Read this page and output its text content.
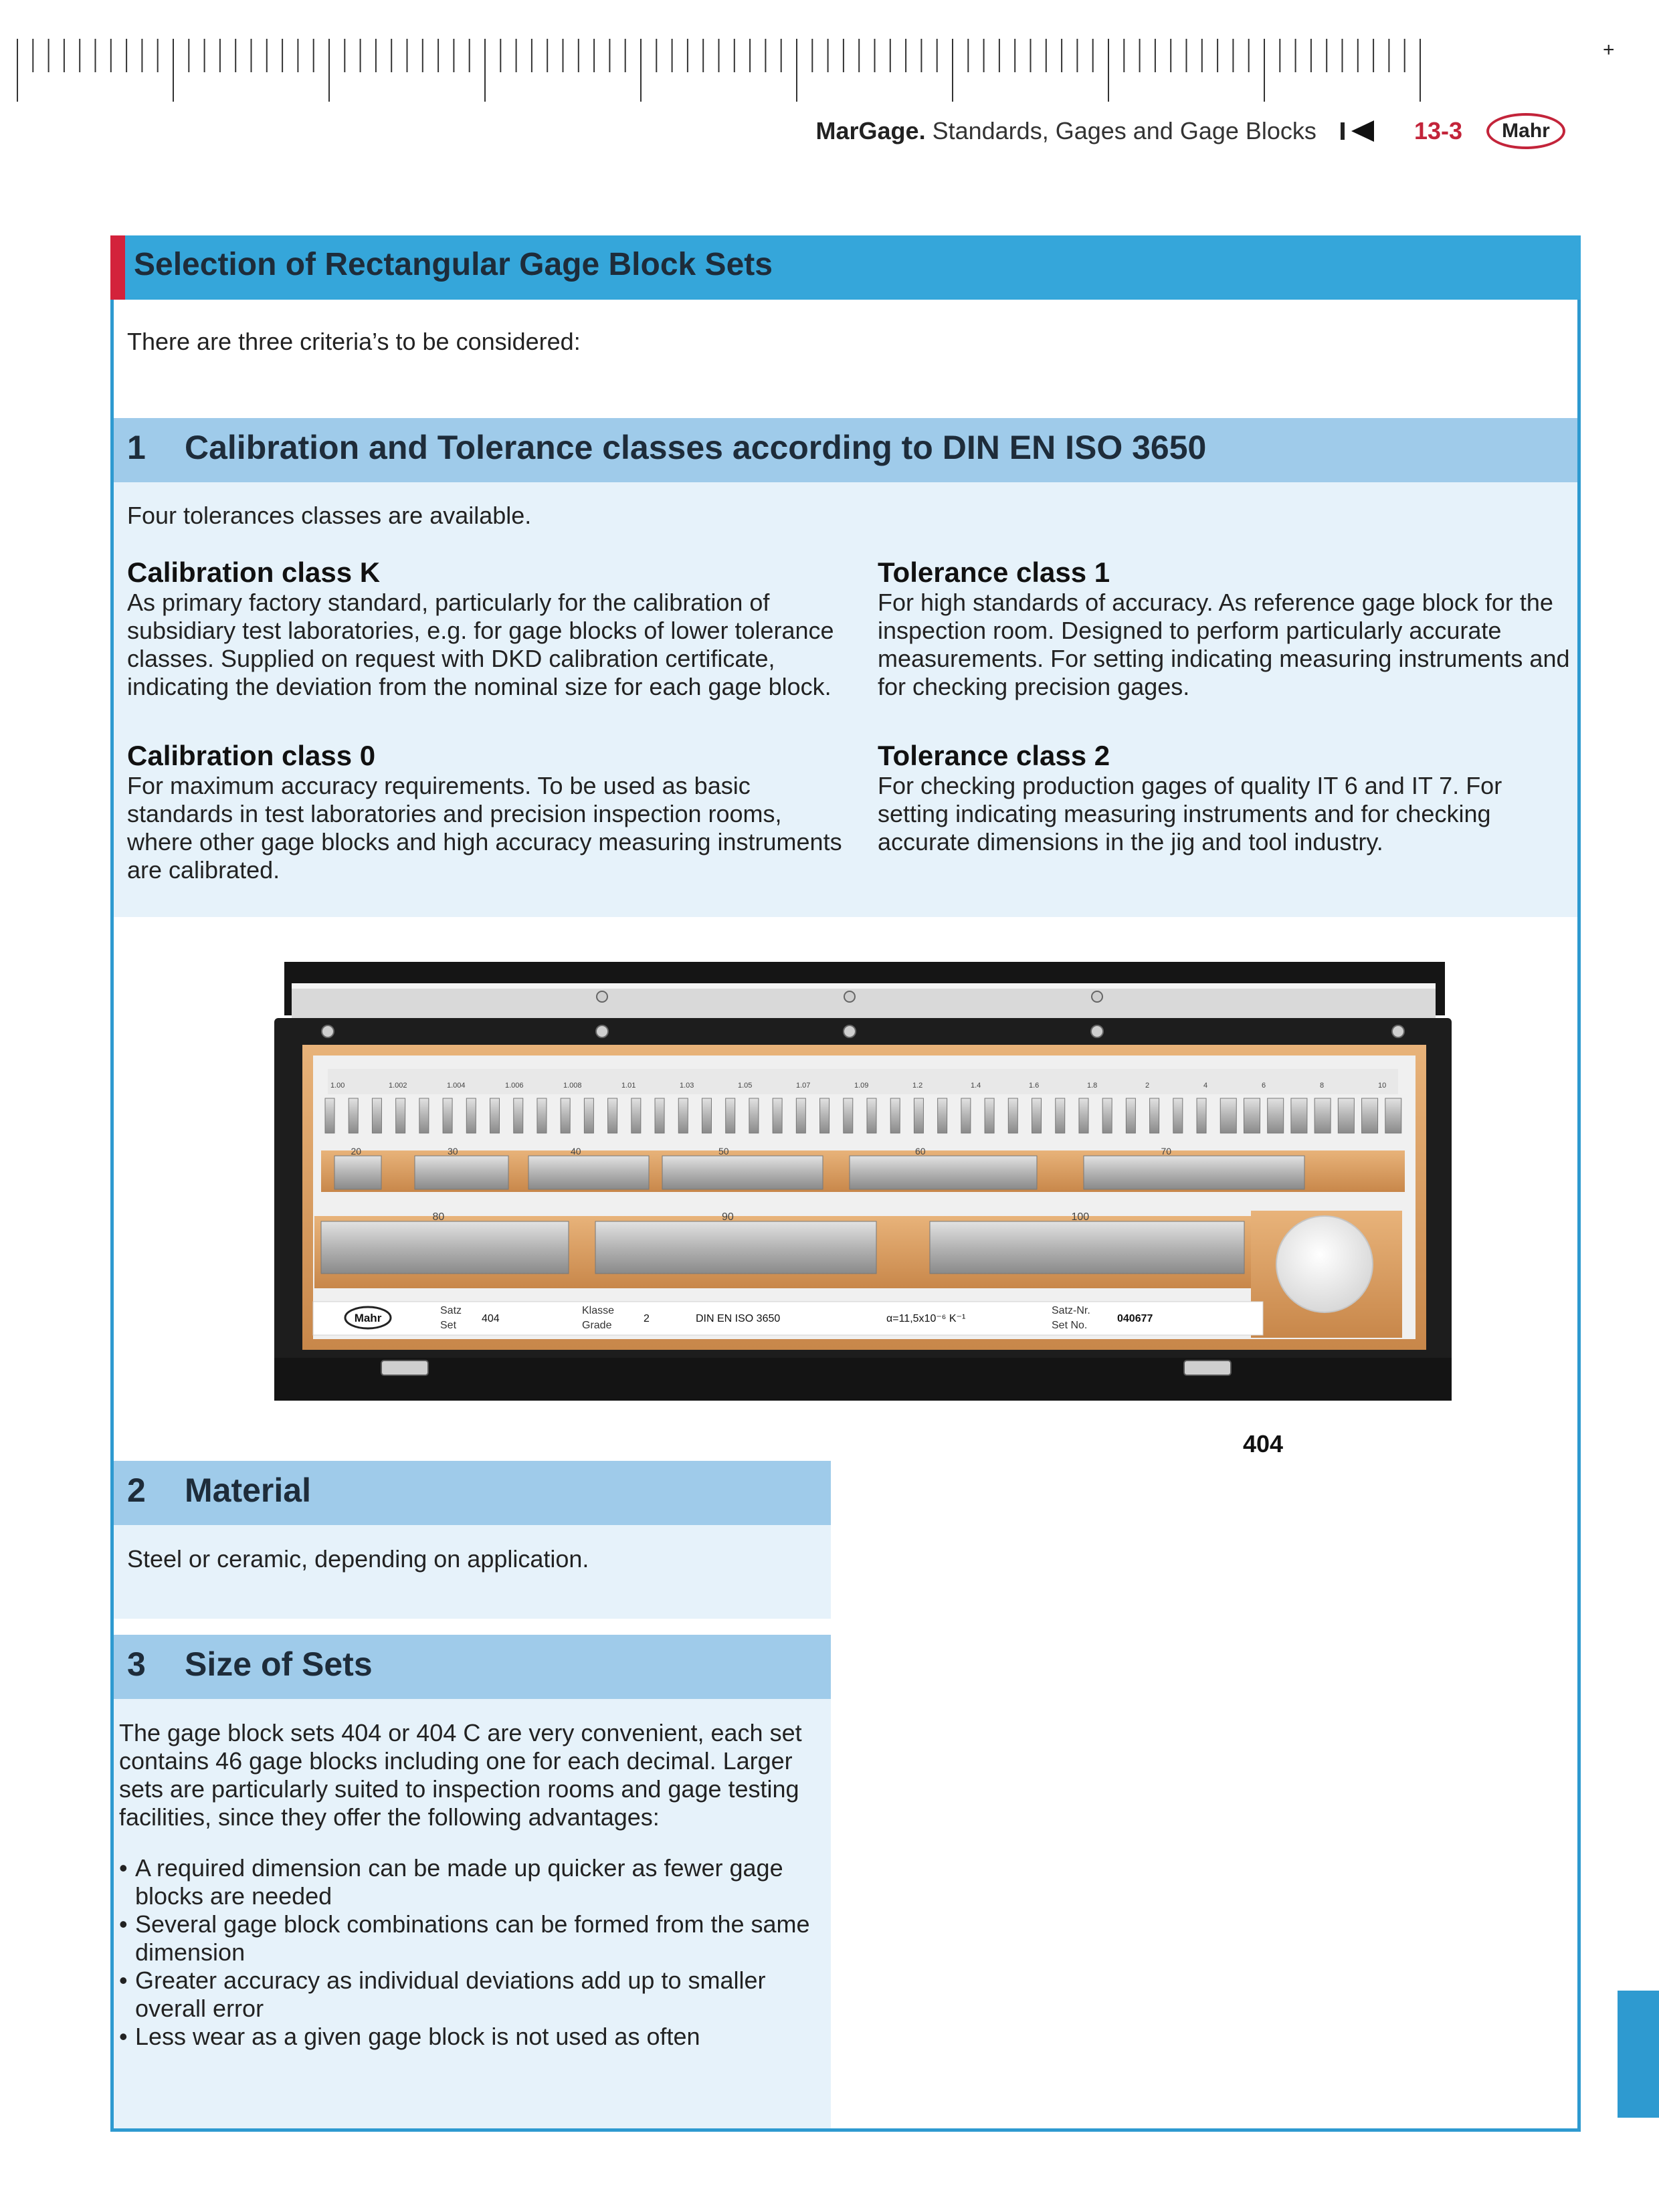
+
MarGage. Standards, Gages and Gage Blocks	13-3 Mahr
Selection of Rectangular Gage Block Sets
There are three criteria’s to be considered:
1 Calibration and Tolerance classes according to DIN EN ISO 3650
Four tolerances classes are available.
Calibration class K
As primary factory standard, particularly for the calibration of subsidiary test laboratories, e.g. for gage blocks of lower tolerance classes. Supplied on request with DKD calibration certificate, indicating the deviation from the nominal size for each gage block.
Tolerance class 1
For high standards of accuracy. As reference gage block for the inspection room. Designed to perform particularly accurate measurements. For setting indicating measuring instruments and for checking precision gages.
Calibration class 0
For maximum accuracy requirements. To be used as basic standards in test laboratories and precision inspection rooms, where other gage blocks and high accuracy measuring instruments are calibrated.
Tolerance class 2
For checking production gages of quality IT 6 and IT 7. For setting indicating measuring instruments and for checking accurate dimensions in the jig and tool industry.
1.00	1.002	1.004	1.006	1.008	1.01	1.03	1.05	1.07	1.09	1.2	1.4	1.6	1.8	2	4	6	8	10
20	30	40	50	60	70
80	90	100
Mahr
Satz
Set
404
Klasse
Grade
2	DIN EN ISO 3650	α=11,5x10⁻⁶ K⁻¹
Satz-Nr.
Set No.
040677
404
2 Material
Steel or ceramic, depending on application.
3 Size of Sets
The gage block sets 404 or 404 C are very convenient, each set contains 46 gage blocks including one for each decimal. Larger sets are particularly suited to inspection rooms and gage testing facilities, since they offer the following advantages:
• A required dimension can be made up quicker as fewer gage blocks are needed
• Several gage block combinations can be formed from the same dimension
• Greater accuracy as individual deviations add up to smaller overall error
• Less wear as a given gage block is not used as often
